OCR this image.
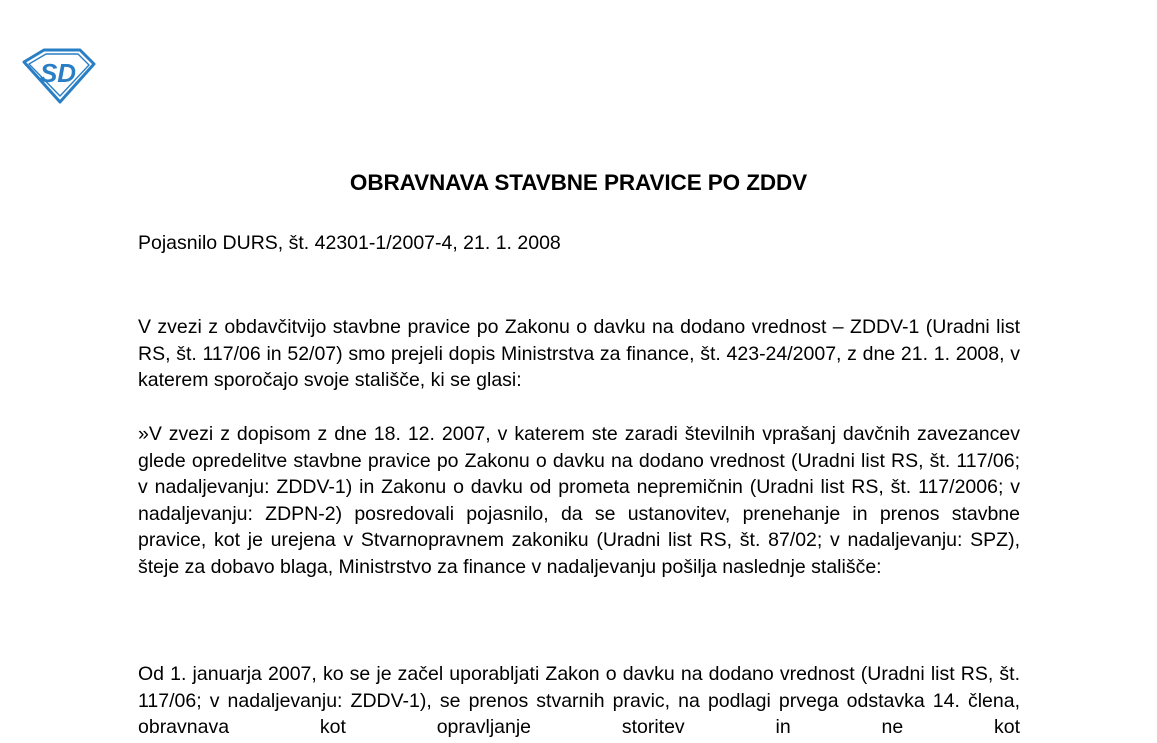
SD
OBRAVNAVA STAVBNE PRAVICE PO ZDDV

Pojasnilo DURS, št. 42301-1/2007-4, 21. 1. 2008

V zvezi z obdavčitvijo stavbne pravice po Zakonu o davku na dodano vrednost – ZDDV-1 (Uradni list RS, št. 117/06 in 52/07) smo prejeli dopis Ministrstva za finance, št. 423-24/2007, z dne 21. 1. 2008, v katerem sporočajo svoje stališče, ki se glasi:

»V zvezi z dopisom z dne 18. 12. 2007, v katerem ste zaradi številnih vprašanj davčnih zavezancev glede opredelitve stavbne pravice po Zakonu o davku na dodano vrednost (Uradni list RS, št. 117/06; v nadaljevanju: ZDDV-1) in Zakonu o davku od prometa nepremičnin (Uradni list RS, št. 117/2006; v nadaljevanju: ZDPN-2) posredovali pojasnilo, da se ustanovitev, prenehanje in prenos stavbne pravice, kot je urejena v Stvarnopravnem zakoniku (Uradni list RS, št. 87/02; v nadaljevanju: SPZ), šteje za dobavo blaga, Ministrstvo za finance v nadaljevanju pošilja naslednje stališče:

Od 1. januarja 2007, ko se je začel uporabljati Zakon o davku na dodano vrednost (Uradni list RS, št. 117/06; v nadaljevanju: ZDDV-1), se prenos stvarnih pravic, na podlagi prvega odstavka 14. člena, obravnava kot opravljanje storitev in ne kot
